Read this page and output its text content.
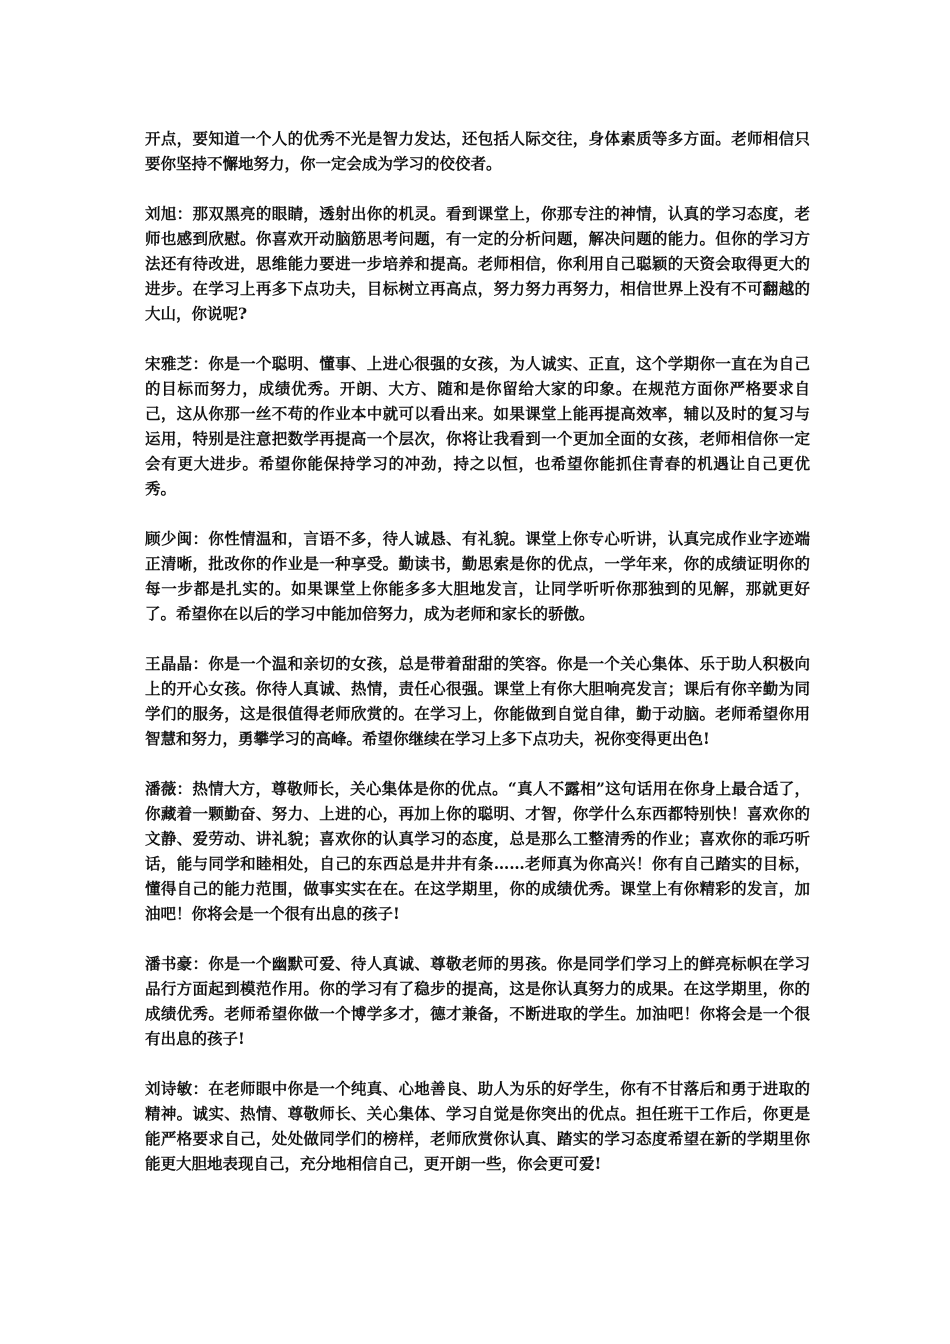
开点，要知道一个人的优秀不光是智力发达，还包括人际交往，身体素质等多方面。老师相信只要你坚持不懈地努力，你一定会成为学习的佼佼者。

刘旭：那双黑亮的眼睛，透射出你的机灵。看到课堂上，你那专注的神情，认真的学习态度，老师也感到欣慰。你喜欢开动脑筋思考问题，有一定的分析问题，解决问题的能力。但你的学习方法还有待改进，思维能力要进一步培养和提高。老师相信，你利用自己聪颖的天资会取得更大的进步。在学习上再多下点功夫，目标树立再高点，努力努力再努力，相信世界上没有不可翻越的大山，你说呢?

宋雅芝：你是一个聪明、懂事、上进心很强的女孩，为人诚实、正直，这个学期你一直在为自己的目标而努力，成绩优秀。开朗、大方、随和是你留给大家的印象。在规范方面你严格要求自己，这从你那一丝不苟的作业本中就可以看出来。如果课堂上能再提高效率，辅以及时的复习与运用，特别是注意把数学再提高一个层次，你将让我看到一个更加全面的女孩，老师相信你一定会有更大进步。希望你能保持学习的冲劲，持之以恒，也希望你能抓住青春的机遇让自己更优秀。

顾少闽：你性情温和，言语不多，待人诚恳、有礼貌。课堂上你专心听讲，认真完成作业字迹端正清晰，批改你的作业是一种享受。勤读书，勤思索是你的优点，一学年来，你的成绩证明你的每一步都是扎实的。如果课堂上你能多多大胆地发言，让同学听听你那独到的见解，那就更好了。希望你在以后的学习中能加倍努力，成为老师和家长的骄傲。

王晶晶：你是一个温和亲切的女孩，总是带着甜甜的笑容。你是一个关心集体、乐于助人积极向上的开心女孩。你待人真诚、热情，责任心很强。课堂上有你大胆响亮发言；课后有你辛勤为同学们的服务，这是很值得老师欣赏的。在学习上，你能做到自觉自律，勤于动脑。老师希望你用智慧和努力，勇攀学习的高峰。希望你继续在学习上多下点功夫，祝你变得更出色!

潘薇：热情大方，尊敬师长，关心集体是你的优点。“真人不露相”这句话用在你身上最合适了，你藏着一颗勤奋、努力、上进的心，再加上你的聪明、才智，你学什么东西都特别快！喜欢你的文静、爱劳动、讲礼貌；喜欢你的认真学习的态度，总是那么工整清秀的作业；喜欢你的乖巧听话，能与同学和睦相处，自己的东西总是井井有条……老师真为你高兴！你有自己踏实的目标，懂得自己的能力范围，做事实实在在。在这学期里，你的成绩优秀。课堂上有你精彩的发言，加油吧！你将会是一个很有出息的孩子!

潘书豪：你是一个幽默可爱、待人真诚、尊敬老师的男孩。你是同学们学习上的鲜亮标帜在学习品行方面起到模范作用。你的学习有了稳步的提高，这是你认真努力的成果。在这学期里，你的成绩优秀。老师希望你做一个博学多才，德才兼备，不断进取的学生。加油吧！你将会是一个很有出息的孩子!

刘诗敏：在老师眼中你是一个纯真、心地善良、助人为乐的好学生，你有不甘落后和勇于进取的精神。诚实、热情、尊敬师长、关心集体、学习自觉是你突出的优点。担任班干工作后，你更是能严格要求自己，处处做同学们的榜样，老师欣赏你认真、踏实的学习态度希望在新的学期里你能更大胆地表现自己，充分地相信自己，更开朗一些，你会更可爱!
